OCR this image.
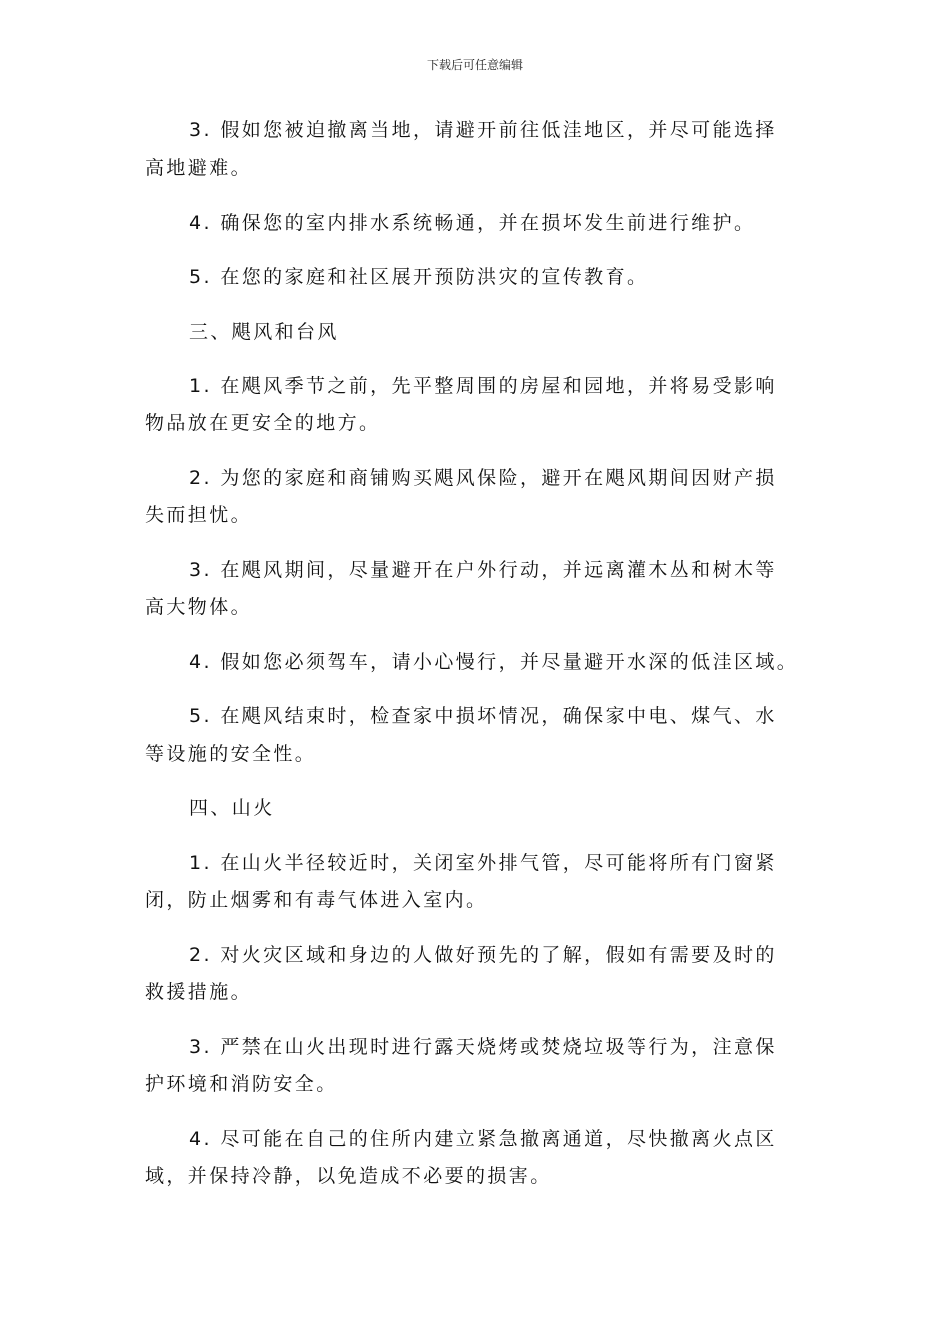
下载后可任意编辑
3. 假如您被迫撤离当地，请避开前往低洼地区，并尽可能选择
高地避难。
4. 确保您的室内排水系统畅通，并在损坏发生前进行维护。
5. 在您的家庭和社区展开预防洪灾的宣传教育。
三、飓风和台风
1. 在飓风季节之前，先平整周围的房屋和园地，并将易受影响
物品放在更安全的地方。
2. 为您的家庭和商铺购买飓风保险，避开在飓风期间因财产损
失而担忧。
3. 在飓风期间，尽量避开在户外行动，并远离灌木丛和树木等
高大物体。
4. 假如您必须驾车，请小心慢行，并尽量避开水深的低洼区域。
5. 在飓风结束时，检查家中损坏情况，确保家中电、煤气、水
等设施的安全性。
四、山火
1. 在山火半径较近时，关闭室外排气管，尽可能将所有门窗紧
闭，防止烟雾和有毒气体进入室内。
2. 对火灾区域和身边的人做好预先的了解，假如有需要及时的
救援措施。
3. 严禁在山火出现时进行露天烧烤或焚烧垃圾等行为，注意保
护环境和消防安全。
4. 尽可能在自己的住所内建立紧急撤离通道，尽快撤离火点区
域，并保持冷静，以免造成不必要的损害。
